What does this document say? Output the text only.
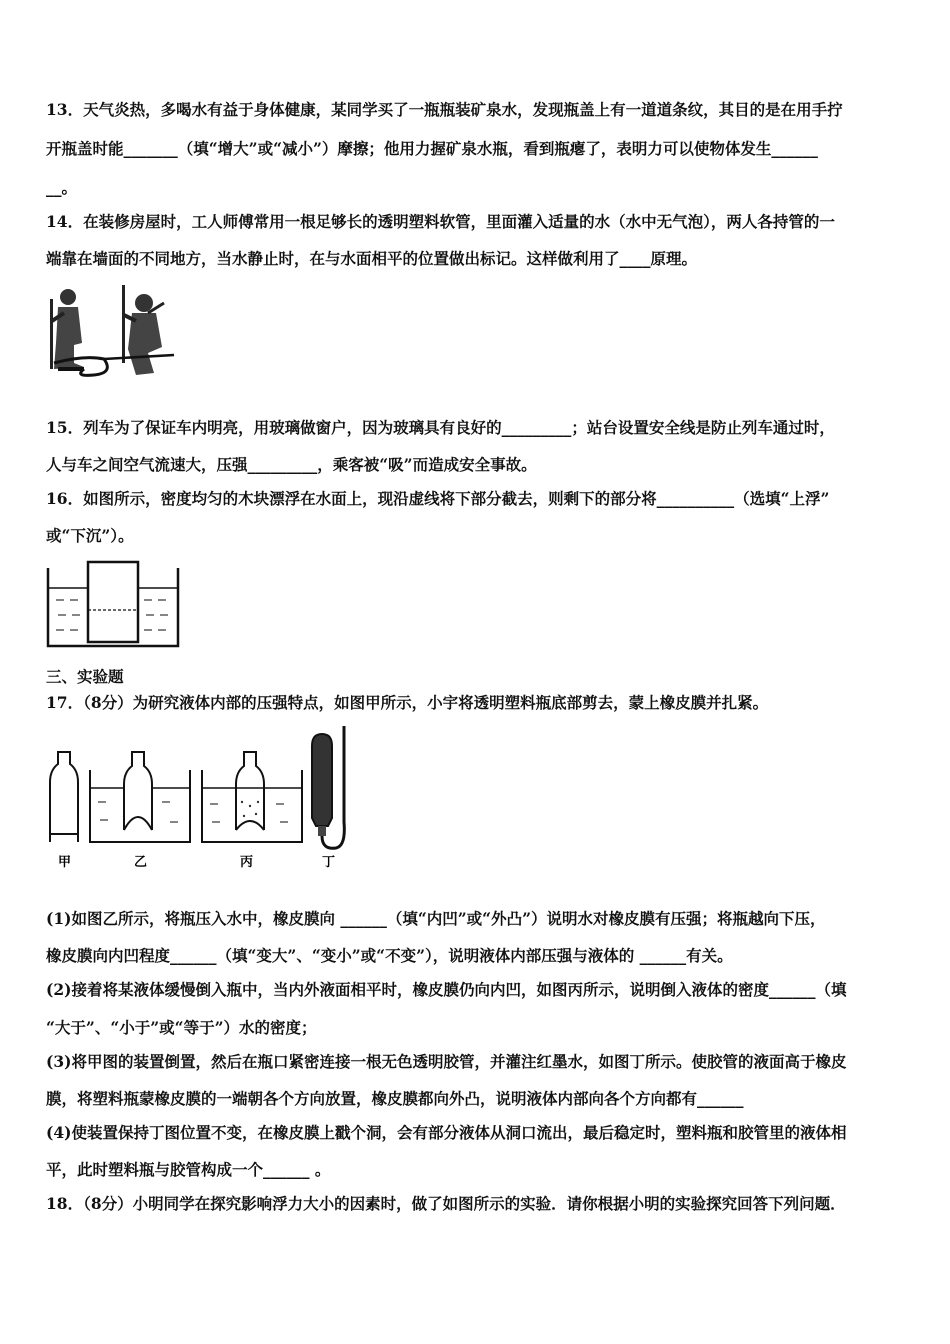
13．天气炎热，多喝水有益于身体健康，某同学买了一瓶瓶装矿泉水，发现瓶盖上有一道道条纹，其目的是在用手拧
开瓶盖时能_______（填“增大”或“减小”）摩擦；他用力握矿泉水瓶，看到瓶瘪了，表明力可以使物体发生______
__。
14．在装修房屋时，工人师傅常用一根足够长的透明塑料软管，里面灌入适量的水（水中无气泡），两人各持管的一
端靠在墙面的不同地方，当水静止时，在与水面相平的位置做出标记。这样做利用了____原理。
15．列车为了保证车内明亮，用玻璃做窗户，因为玻璃具有良好的_________；站台设置安全线是防止列车通过时，
人与车之间空气流速大，压强_________，乘客被“吸”而造成安全事故。
16．如图所示，密度均匀的木块漂浮在水面上，现沿虚线将下部分截去，则剩下的部分将__________（选填“上浮”
或“下沉”）。
三、实验题
17．（8分）为研究液体内部的压强特点，如图甲所示，小宇将透明塑料瓶底部剪去，蒙上橡皮膜并扎紧。
甲	乙	丙	丁
(1)如图乙所示，将瓶压入水中，橡皮膜向 ______（填“内凹”或“外凸”）说明水对橡皮膜有压强；将瓶越向下压，
橡皮膜向内凹程度______（填“变大”、“变小”或“不变”），说明液体内部压强与液体的 ______有关。
(2)接着将某液体缓慢倒入瓶中，当内外液面相平时，橡皮膜仍向内凹，如图丙所示，说明倒入液体的密度______（填
“大于”、“小于”或“等于”）水的密度；
(3)将甲图的装置倒置，然后在瓶口紧密连接一根无色透明胶管，并灌注红墨水，如图丁所示。使胶管的液面高于橡皮
膜，将塑料瓶蒙橡皮膜的一端朝各个方向放置，橡皮膜都向外凸，说明液体内部向各个方向都有______
(4)使装置保持丁图位置不变，在橡皮膜上戳个洞，会有部分液体从洞口流出，最后稳定时，塑料瓶和胶管里的液体相
平，此时塑料瓶与胶管构成一个______ 。
18．（8分）小明同学在探究影响浮力大小的因素时，做了如图所示的实验．请你根据小明的实验探究回答下列问题．
